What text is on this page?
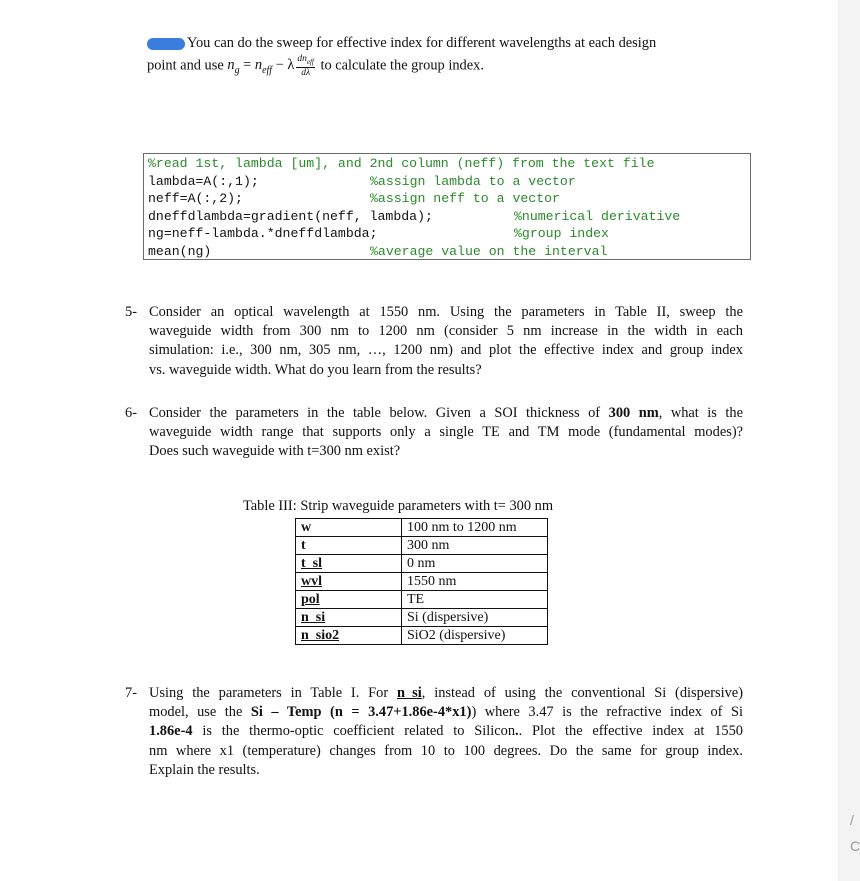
You can do the sweep for effective index for different wavelengths at each design
point and use $n_g = n_{eff} - \lambda \frac{dn_{eff}}{d\lambda}$ to calculate the group index.
%read 1st, lambda [um], and 2nd column (neff) from the text file
lambda=A(:,1);	%assign lambda to a vector
neff=A(:,2);	%assign neff to a vector
dneffdlambda=gradient(neff, lambda);	%numerical derivative
ng=neff-lambda.*dneffdlambda;	%group index
mean(ng)	%average value on the interval
5- Consider an optical wavelength at 1550 nm. Using the parameters in Table II, sweep the
waveguide width from 300 nm to 1200 nm (consider 5 nm increase in the width in each
simulation: i.e., 300 nm, 305 nm, …, 1200 nm) and plot the effective index and group index
vs. waveguide width. What do you learn from the results?
6- Consider the parameters in the table below. Given a SOI thickness of 300 nm, what is the
waveguide width range that supports only a single TE and TM mode (fundamental modes)?
Does such waveguide with t=300 nm exist?
Table III: Strip waveguide parameters with t= 300 nm
w	100 nm to 1200 nm
t	300 nm
t_sl	0 nm
wvl	1550 nm
pol	TE
n_si	Si (dispersive)
n_sio2	SiO2 (dispersive)
7- Using the parameters in Table I. For n_si, instead of using the conventional Si (dispersive)
model, use the Si – Temp (n = 3.47+1.86e-4*x1)) where 3.47 is the refractive index of Si
1.86e-4 is the thermo-optic coefficient related to Silicon.. Plot the effective index at 1550
nm where x1 (temperature) changes from 10 to 100 degrees. Do the same for group index.
Explain the results.
/
C
